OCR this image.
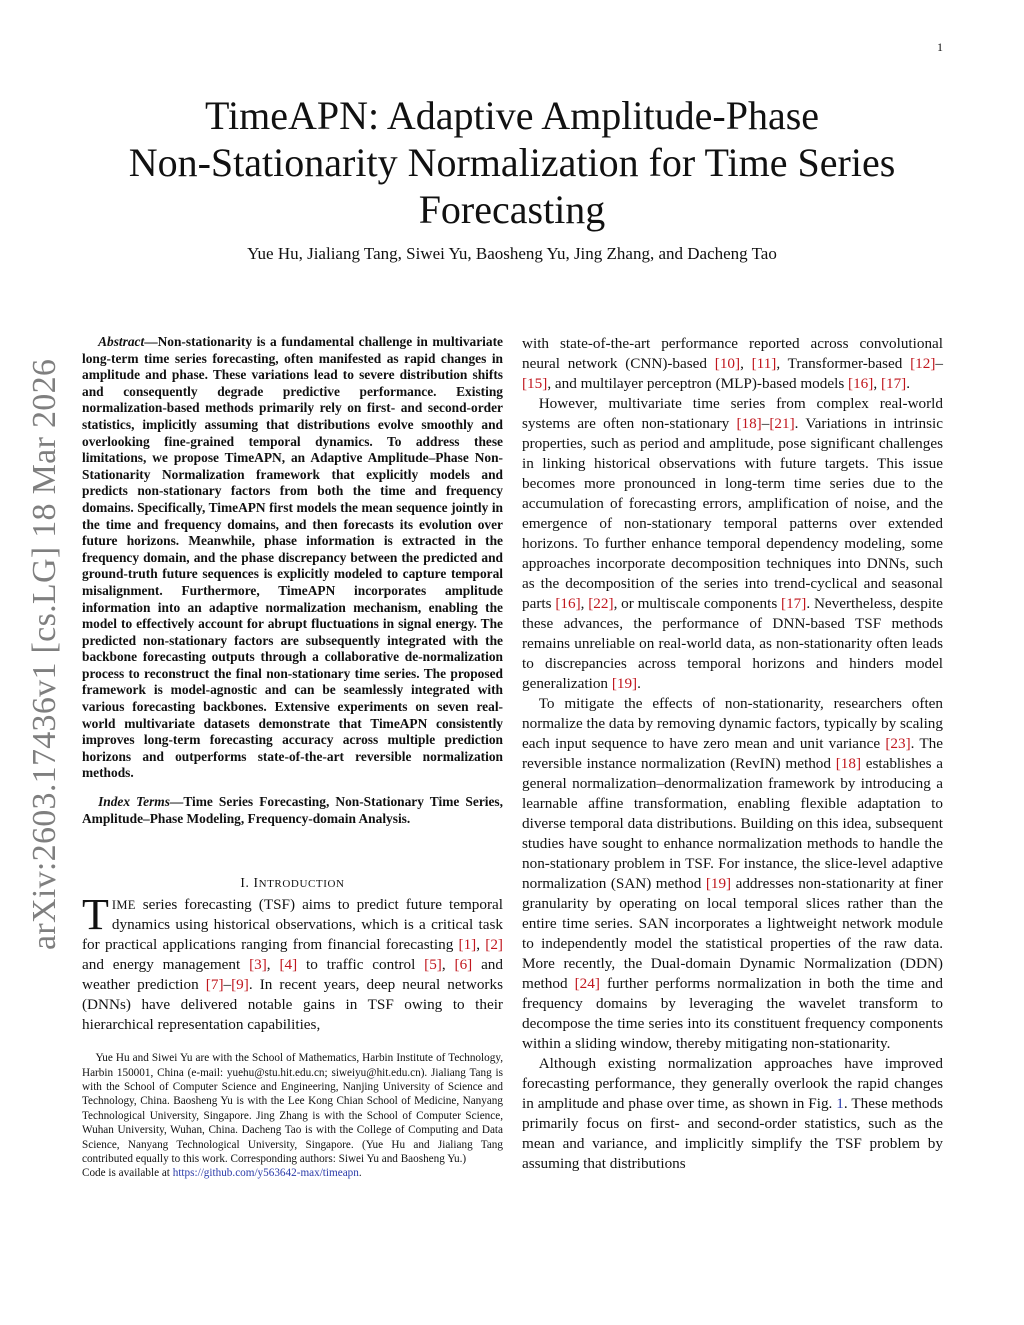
1
arXiv:2603.17436v1 [cs.LG] 18 Mar 2026
TimeAPN: Adaptive Amplitude-Phase
Non-Stationarity Normalization for Time Series
Forecasting
Yue Hu, Jialiang Tang, Siwei Yu, Baosheng Yu, Jing Zhang, and Dacheng Tao

Abstract—Non-stationarity is a fundamental challenge in multivariate long-term time series forecasting, often manifested as rapid changes in amplitude and phase. These variations lead to severe distribution shifts and consequently degrade predictive performance. Existing normalization-based methods primarily rely on first- and second-order statistics, implicitly assuming that distributions evolve smoothly and overlooking fine-grained temporal dynamics. To address these limitations, we propose TimeAPN, an Adaptive Amplitude–Phase Non-Stationarity Normalization framework that explicitly models and predicts non-stationary factors from both the time and frequency domains. Specifically, TimeAPN first models the mean sequence jointly in the time and frequency domains, and then forecasts its evolution over future horizons. Meanwhile, phase information is extracted in the frequency domain, and the phase discrepancy between the predicted and ground-truth future sequences is explicitly modeled to capture temporal misalignment. Furthermore, TimeAPN incorporates amplitude information into an adaptive normalization mechanism, enabling the model to effectively account for abrupt fluctuations in signal energy. The predicted non-stationary factors are subsequently integrated with the backbone forecasting outputs through a collaborative de-normalization process to reconstruct the final non-stationary time series. The proposed framework is model-agnostic and can be seamlessly integrated with various forecasting backbones. Extensive experiments on seven real-world multivariate datasets demonstrate that TimeAPN consistently improves long-term forecasting accuracy across multiple prediction horizons and outperforms state-of-the-art reversible normalization methods.

Index Terms—Time Series Forecasting, Non-Stationary Time Series, Amplitude–Phase Modeling, Frequency-domain Analysis.

I. INTRODUCTION

TIME series forecasting (TSF) aims to predict future temporal dynamics using historical observations, which is a critical task for practical applications ranging from financial forecasting [1], [2] and energy management [3], [4] to traffic control [5], [6] and weather prediction [7]–[9]. In recent years, deep neural networks (DNNs) have delivered notable gains in TSF owing to their hierarchical representation capabilities,

Yue Hu and Siwei Yu are with the School of Mathematics, Harbin Institute of Technology, Harbin 150001, China (e-mail: yuehu@stu.hit.edu.cn; siweiyu@hit.edu.cn). Jialiang Tang is with the School of Computer Science and Engineering, Nanjing University of Science and Technology, China. Baosheng Yu is with the Lee Kong Chian School of Medicine, Nanyang Technological University, Singapore. Jing Zhang is with the School of Computer Science, Wuhan University, Wuhan, China. Dacheng Tao is with the College of Computing and Data Science, Nanyang Technological University, Singapore. (Yue Hu and Jialiang Tang contributed equally to this work. Corresponding authors: Siwei Yu and Baosheng Yu.)

Code is available at https://github.com/y563642-max/timeapn.

with state-of-the-art performance reported across convolutional neural network (CNN)-based [10], [11], Transformer-based [12]–[15], and multilayer perceptron (MLP)-based models [16], [17].

However, multivariate time series from complex real-world systems are often non-stationary [18]–[21]. Variations in intrinsic properties, such as period and amplitude, pose significant challenges in linking historical observations with future targets. This issue becomes more pronounced in long-term time series due to the accumulation of forecasting errors, amplification of noise, and the emergence of non-stationary temporal patterns over extended horizons. To further enhance temporal dependency modeling, some approaches incorporate decomposition techniques into DNNs, such as the decomposition of the series into trend-cyclical and seasonal parts [16], [22], or multiscale components [17]. Nevertheless, despite these advances, the performance of DNN-based TSF methods remains unreliable on real-world data, as non-stationarity often leads to discrepancies across temporal horizons and hinders model generalization [19].

To mitigate the effects of non-stationarity, researchers often normalize the data by removing dynamic factors, typically by scaling each input sequence to have zero mean and unit variance [23]. The reversible instance normalization (RevIN) method [18] establishes a general normalization–denormalization framework by introducing a learnable affine transformation, enabling flexible adaptation to diverse temporal data distributions. Building on this idea, subsequent studies have sought to enhance normalization methods to handle the non-stationary problem in TSF. For instance, the slice-level adaptive normalization (SAN) method [19] addresses non-stationarity at finer granularity by operating on local temporal slices rather than the entire time series. SAN incorporates a lightweight network module to independently model the statistical properties of the raw data. More recently, the Dual-domain Dynamic Normalization (DDN) method [24] further performs normalization in both the time and frequency domains by leveraging the wavelet transform to decompose the time series into its constituent frequency components within a sliding window, thereby mitigating non-stationarity.

Although existing normalization approaches have improved forecasting performance, they generally overlook the rapid changes in amplitude and phase over time, as shown in Fig. 1. These methods primarily focus on first- and second-order statistics, such as the mean and variance, and implicitly simplify the TSF problem by assuming that distributions
